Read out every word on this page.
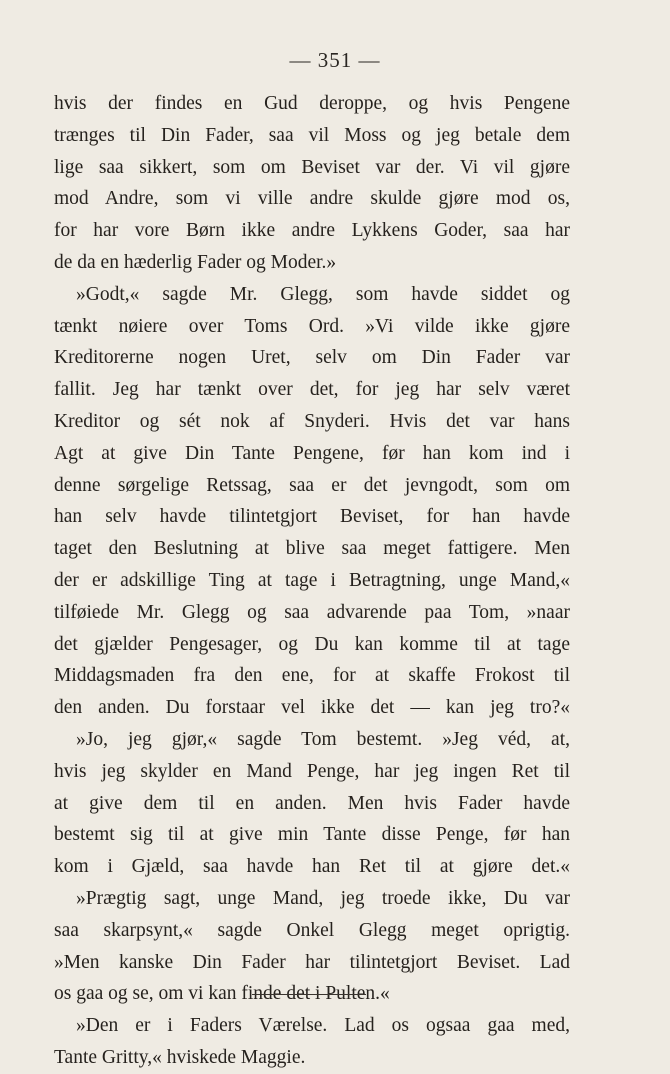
— 351 —
hvis der findes en Gud deroppe, og hvis Pengene
trænges til Din Fader, saa vil Moss og jeg betale dem
lige saa sikkert, som om Beviset var der. Vi vil gjøre
mod Andre, som vi ville andre skulde gjøre mod os,
for har vore Børn ikke andre Lykkens Goder, saa har
de da en hæderlig Fader og Moder.»
»Godt,« sagde Mr. Glegg, som havde siddet og
tænkt nøiere over Toms Ord. »Vi vilde ikke gjøre
Kreditorerne nogen Uret, selv om Din Fader var
fallit. Jeg har tænkt over det, for jeg har selv været
Kreditor og sét nok af Snyderi. Hvis det var hans
Agt at give Din Tante Pengene, før han kom ind i
denne sørgelige Retssag, saa er det jevngodt, som om
han selv havde tilintetgjort Beviset, for han havde
taget den Beslutning at blive saa meget fattigere. Men
der er adskillige Ting at tage i Betragtning, unge Mand,«
tilføiede Mr. Glegg og saa advarende paa Tom, »naar
det gjælder Pengesager, og Du kan komme til at tage
Middagsmaden fra den ene, for at skaffe Frokost til
den anden. Du forstaar vel ikke det — kan jeg tro?«
»Jo, jeg gjør,« sagde Tom bestemt. »Jeg véd, at,
hvis jeg skylder en Mand Penge, har jeg ingen Ret til
at give dem til en anden. Men hvis Fader havde
bestemt sig til at give min Tante disse Penge, før han
kom i Gjæld, saa havde han Ret til at gjøre det.«
»Prægtig sagt, unge Mand, jeg troede ikke, Du var
saa skarpsynt,« sagde Onkel Glegg meget oprigtig.
»Men kanske Din Fader har tilintetgjort Beviset. Lad
os gaa og se, om vi kan finde det i Pulten.«
»Den er i Faders Værelse. Lad os ogsaa gaa med,
Tante Gritty,« hviskede Maggie.
